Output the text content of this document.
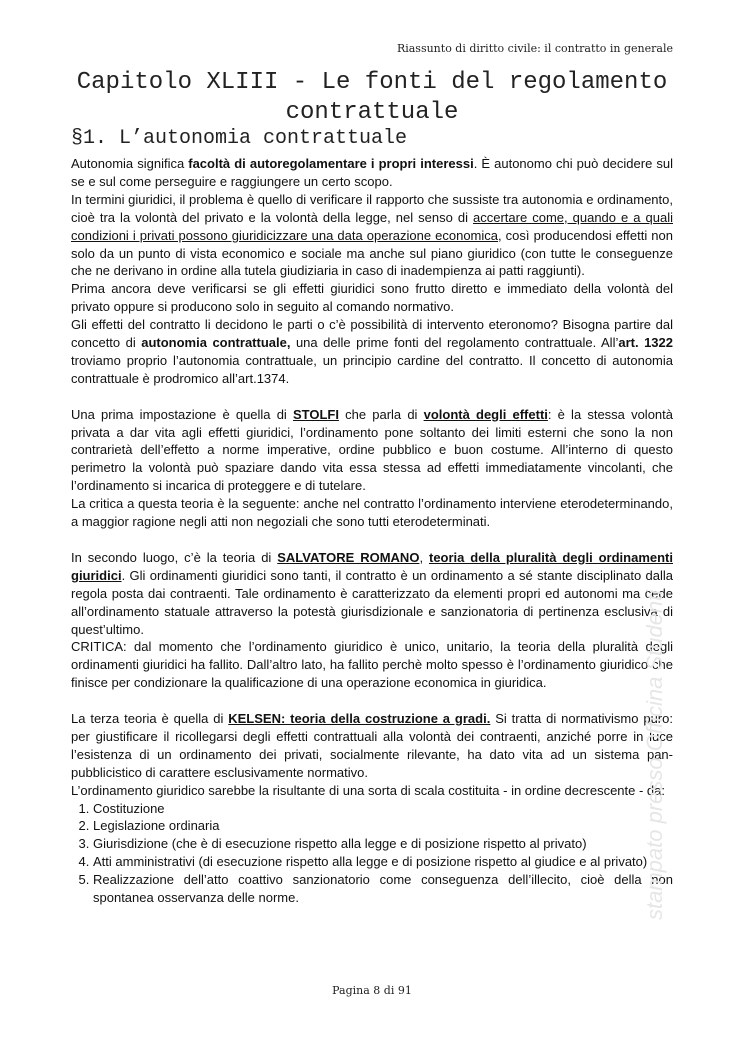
Riassunto di diritto civile: il contratto in generale
Capitolo XLIII - Le fonti del regolamento contrattuale
§1. L’autonomia contrattuale

Autonomia significa facoltà di autoregolamentare i propri interessi. È autonomo chi può decidere sul se e sul come perseguire e raggiungere un certo scopo.

In termini giuridici, il problema è quello di verificare il rapporto che sussiste tra autonomia e ordinamento, cioè tra la volontà del privato e la volontà della legge, nel senso di accertare come, quando e a quali condizioni i privati possono giuridicizzare una data operazione economica, così producendosi effetti non solo da un punto di vista economico e sociale ma anche sul piano giuridico (con tutte le conseguenze che ne derivano in ordine alla tutela giudiziaria in caso di inadempienza ai patti raggiunti).

Prima ancora deve verificarsi se gli effetti giuridici sono frutto diretto e immediato della volontà del privato oppure si producono solo in seguito al comando normativo.

Gli effetti del contratto li decidono le parti o c’è possibilità di intervento eteronomo? Bisogna partire dal concetto di autonomia contrattuale, una delle prime fonti del regolamento contrattuale. All’art. 1322 troviamo proprio l’autonomia contrattuale, un principio cardine del contratto. Il concetto di autonomia contrattuale è prodromico all’art.1374.

Una prima impostazione è quella di STOLFI che parla di volontà degli effetti: è la stessa volontà privata a dar vita agli effetti giuridici, l’ordinamento pone soltanto dei limiti esterni che sono la non contrarietà dell’effetto a norme imperative, ordine pubblico e buon costume. All’interno di questo perimetro la volontà può spaziare dando vita essa stessa ad effetti immediatamente vincolanti, che l’ordinamento si incarica di proteggere e di tutelare.

La critica a questa teoria è la seguente: anche nel contratto l’ordinamento interviene eterodeterminando, a maggior ragione negli atti non negoziali che sono tutti eterodeterminati.

In secondo luogo, c’è la teoria di SALVATORE ROMANO, teoria della pluralità degli ordinamenti giuridici. Gli ordinamenti giuridici sono tanti, il contratto è un ordinamento a sé stante disciplinato dalla regola posta dai contraenti. Tale ordinamento è caratterizzato da elementi propri ed autonomi ma cede all’ordinamento statuale attraverso la potestà giurisdizionale e sanzionatoria di pertinenza esclusiva di quest’ultimo.

CRITICA: dal momento che l’ordinamento giuridico è unico, unitario, la teoria della pluralità degli ordinamenti giuridici ha fallito. Dall’altro lato, ha fallito perchè molto spesso è l’ordinamento giuridico che finisce per condizionare la qualificazione di una operazione economica in giuridica.

La terza teoria è quella di KELSEN: teoria della costruzione a gradi. Si tratta di normativismo puro: per giustificare il ricollegarsi degli effetti contrattuali alla volontà dei contraenti, anziché porre in luce l’esistenza di un ordinamento dei privati, socialmente rilevante, ha dato vita ad un sistema pan-pubblicistico di carattere esclusivamente normativo.

L’ordinamento giuridico sarebbe la risultante di una sorta di scala costituita - in ordine decrescente - da:

1. Costituzione
2. Legislazione ordinaria
3. Giurisdizione (che è di esecuzione rispetto alla legge e di posizione rispetto al privato)
4. Atti amministrativi (di esecuzione rispetto alla legge e di posizione rispetto al giudice e al privato)
5. Realizzazione dell’atto coattivo sanzionatorio come conseguenza dell’illecito, cioè della non spontanea osservanza delle norme.	stampato presso Officina Studenti
Pagina 8 di 91
